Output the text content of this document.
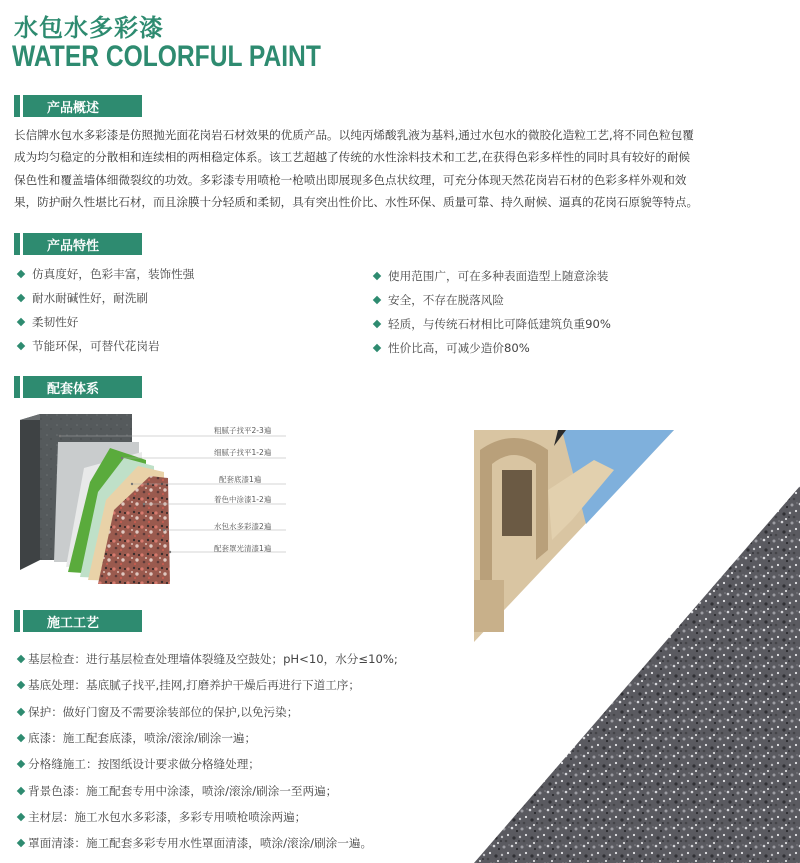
水包水多彩漆
WATER COLORFUL PAINT
产品概述
长信牌水包水多彩漆是仿照抛光面花岗岩石材效果的优质产品。以纯丙烯酸乳液为基料,通过水包水的微胶化造粒工艺,将不同色粒包覆
成为均匀稳定的分散相和连续相的两相稳定体系。该工艺超越了传统的水性涂料技术和工艺,在获得色彩多样性的同时具有较好的耐候
保色性和覆盖墙体细微裂纹的功效。多彩漆专用喷枪一枪喷出即展现多色点状纹理，可充分体现天然花岗岩石材的色彩多样外观和效
果，防护耐久性堪比石材，而且涂膜十分轻质和柔韧，具有突出性价比、水性环保、质量可靠、持久耐候、逼真的花岗石原貌等特点。
产品特性
仿真度好，色彩丰富，装饰性强
耐水耐碱性好，耐洗刷
柔韧性好
节能环保，可替代花岗岩
使用范围广，可在多种表面造型上随意涂装
安全，不存在脱落风险
轻质，与传统石材相比可降低建筑负重90%
性价比高，可减少造价80%
配套体系
粗腻子找平2-3遍
细腻子找平1-2遍
配套底漆1遍
着色中涂漆1-2遍
水包水多彩漆2遍
配套罩光清漆1遍
施工工艺
基层检查：进行基层检查处理墙体裂缝及空鼓处；pH<10，水分≤10%;
基底处理：基底腻子找平,挂网,打磨养护干燥后再进行下道工序；
保护：做好门窗及不需要涂装部位的保护,以免污染；
底漆：施工配套底漆，喷涂/滚涂/刷涂一遍；
分格缝施工：按图纸设计要求做分格缝处理；
背景色漆：施工配套专用中涂漆，喷涂/滚涂/刷涂一至两遍；
主材层：施工水包水多彩漆，多彩专用喷枪喷涂两遍；
罩面清漆：施工配套多彩专用水性罩面清漆，喷涂/滚涂/刷涂一遍。
